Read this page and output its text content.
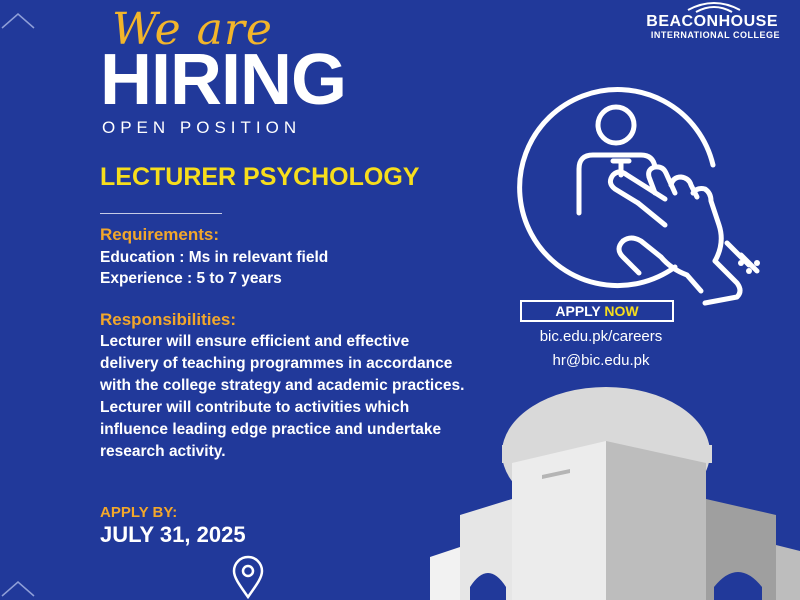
We are
HIRING
OPEN POSITION
BEACONHOUSE
INTERNATIONAL COLLEGE
LECTURER PSYCHOLOGY
Requirements:
Education : Ms in relevant field
Experience : 5 to 7 years
Responsibilities:
Lecturer will ensure efficient and effective delivery of teaching programmes in accordance with the college strategy and academic practices. Lecturer will contribute to activities which influence leading edge practice and undertake research activity.
APPLY BY:
JULY 31, 2025
APPLY NOW
bic.edu.pk/careers
hr@bic.edu.pk
